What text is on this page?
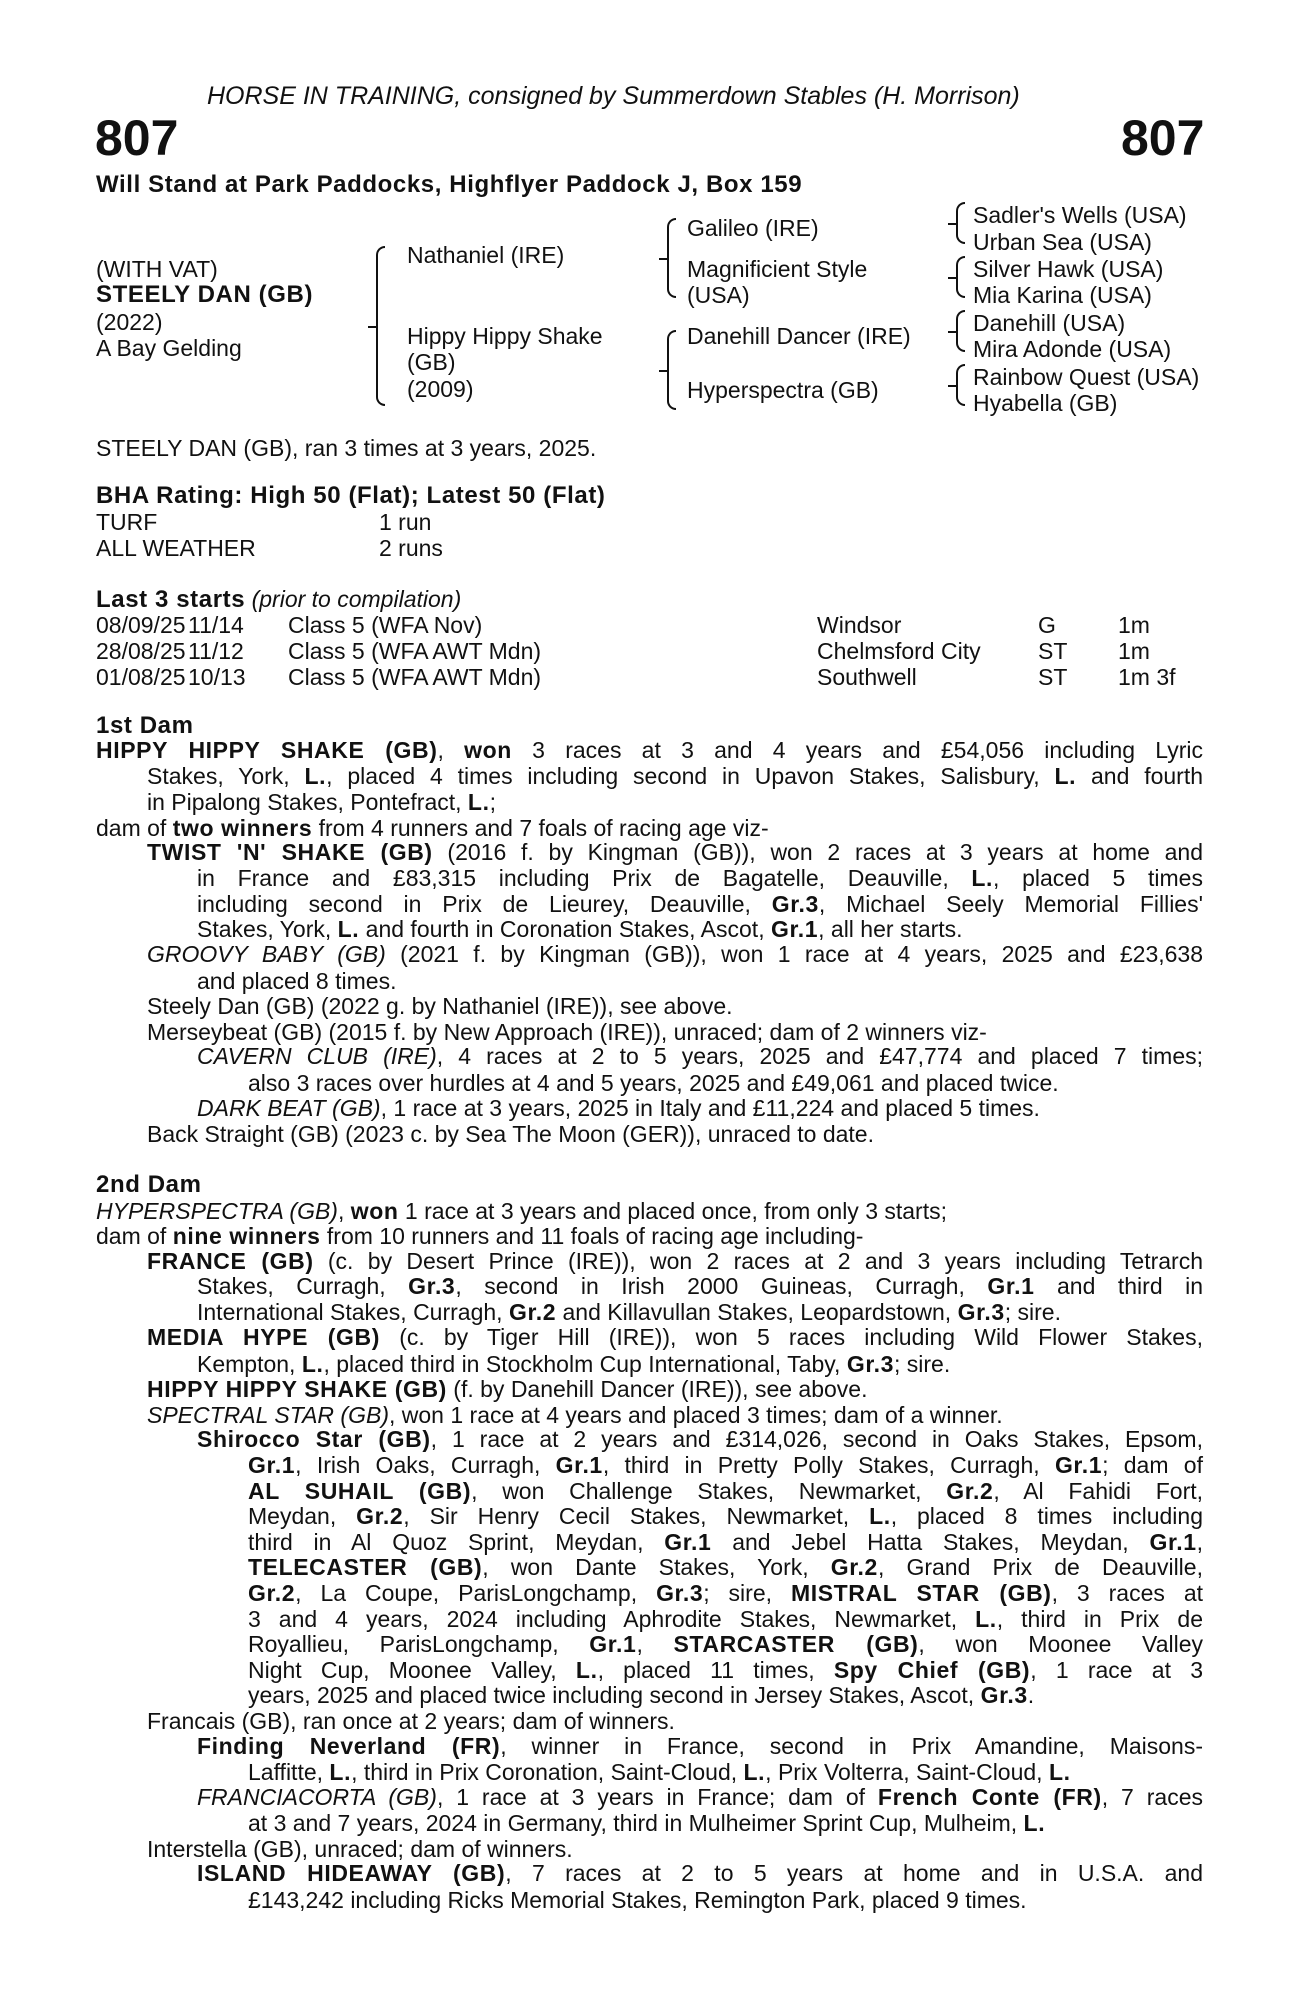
HORSE IN TRAINING, consigned by Summerdown Stables (H. Morrison)
807	807
Will Stand at Park Paddocks, Highflyer Paddock J, Box 159
(WITH VAT)
STEELY DAN (GB)
(2022)
A Bay Gelding
Nathaniel (IRE)
Hippy Hippy Shake
(GB)
(2009)
Galileo (IRE)
Magnificient Style
(USA)
Danehill Dancer (IRE)
Hyperspectra (GB)
Sadler's Wells (USA)
Urban Sea (USA)
Silver Hawk (USA)
Mia Karina (USA)
Danehill (USA)
Mira Adonde (USA)
Rainbow Quest (USA)
Hyabella (GB)
STEELY DAN (GB), ran 3 times at 3 years, 2025.
BHA Rating: High 50 (Flat); Latest 50 (Flat)
TURF	1 run
ALL WEATHER	2 runs
Last 3 starts (prior to compilation)
08/09/25 11/14 Class 5 (WFA Nov)	Windsor	G	1m
28/08/25 11/12 Class 5 (WFA AWT Mdn)	Chelmsford City ST 1m
01/08/25 10/13 Class 5 (WFA AWT Mdn)	Southwell	ST 1m 3f
1st Dam
HIPPY HIPPY SHAKE (GB), won 3 races at 3 and 4 years and £54,056 including Lyric
Stakes, York, L., placed 4 times including second in Upavon Stakes, Salisbury, L. and fourth
in Pipalong Stakes, Pontefract, L.;
dam of two winners from 4 runners and 7 foals of racing age viz-
TWIST 'N' SHAKE (GB) (2016 f. by Kingman (GB)), won 2 races at 3 years at home and
in France and £83,315 including Prix de Bagatelle, Deauville, L., placed 5 times
including second in Prix de Lieurey, Deauville, Gr.3, Michael Seely Memorial Fillies'
Stakes, York, L. and fourth in Coronation Stakes, Ascot, Gr.1, all her starts.
GROOVY BABY (GB) (2021 f. by Kingman (GB)), won 1 race at 4 years, 2025 and £23,638
and placed 8 times.
Steely Dan (GB) (2022 g. by Nathaniel (IRE)), see above.
Merseybeat (GB) (2015 f. by New Approach (IRE)), unraced; dam of 2 winners viz-
CAVERN CLUB (IRE), 4 races at 2 to 5 years, 2025 and £47,774 and placed 7 times;
also 3 races over hurdles at 4 and 5 years, 2025 and £49,061 and placed twice.
DARK BEAT (GB), 1 race at 3 years, 2025 in Italy and £11,224 and placed 5 times.
Back Straight (GB) (2023 c. by Sea The Moon (GER)), unraced to date.
2nd Dam
HYPERSPECTRA (GB), won 1 race at 3 years and placed once, from only 3 starts;
dam of nine winners from 10 runners and 11 foals of racing age including-
FRANCE (GB) (c. by Desert Prince (IRE)), won 2 races at 2 and 3 years including Tetrarch
Stakes, Curragh, Gr.3, second in Irish 2000 Guineas, Curragh, Gr.1 and third in
International Stakes, Curragh, Gr.2 and Killavullan Stakes, Leopardstown, Gr.3; sire.
MEDIA HYPE (GB) (c. by Tiger Hill (IRE)), won 5 races including Wild Flower Stakes,
Kempton, L., placed third in Stockholm Cup International, Taby, Gr.3; sire.
HIPPY HIPPY SHAKE (GB) (f. by Danehill Dancer (IRE)), see above.
SPECTRAL STAR (GB), won 1 race at 4 years and placed 3 times; dam of a winner.
Shirocco Star (GB), 1 race at 2 years and £314,026, second in Oaks Stakes, Epsom,
Gr.1, Irish Oaks, Curragh, Gr.1, third in Pretty Polly Stakes, Curragh, Gr.1; dam of
AL SUHAIL (GB), won Challenge Stakes, Newmarket, Gr.2, Al Fahidi Fort,
Meydan, Gr.2, Sir Henry Cecil Stakes, Newmarket, L., placed 8 times including
third in Al Quoz Sprint, Meydan, Gr.1 and Jebel Hatta Stakes, Meydan, Gr.1,
TELECASTER (GB), won Dante Stakes, York, Gr.2, Grand Prix de Deauville,
Gr.2, La Coupe, ParisLongchamp, Gr.3; sire, MISTRAL STAR (GB), 3 races at
3 and 4 years, 2024 including Aphrodite Stakes, Newmarket, L., third in Prix de
Royallieu, ParisLongchamp, Gr.1, STARCASTER (GB), won Moonee Valley
Night Cup, Moonee Valley, L., placed 11 times, Spy Chief (GB), 1 race at 3
years, 2025 and placed twice including second in Jersey Stakes, Ascot, Gr.3.
Francais (GB), ran once at 2 years; dam of winners.
Finding Neverland (FR), winner in France, second in Prix Amandine, Maisons-
Laffitte, L., third in Prix Coronation, Saint-Cloud, L., Prix Volterra, Saint-Cloud, L.
FRANCIACORTA (GB), 1 race at 3 years in France; dam of French Conte (FR), 7 races
at 3 and 7 years, 2024 in Germany, third in Mulheimer Sprint Cup, Mulheim, L.
Interstella (GB), unraced; dam of winners.
ISLAND HIDEAWAY (GB), 7 races at 2 to 5 years at home and in U.S.A. and
£143,242 including Ricks Memorial Stakes, Remington Park, placed 9 times.
